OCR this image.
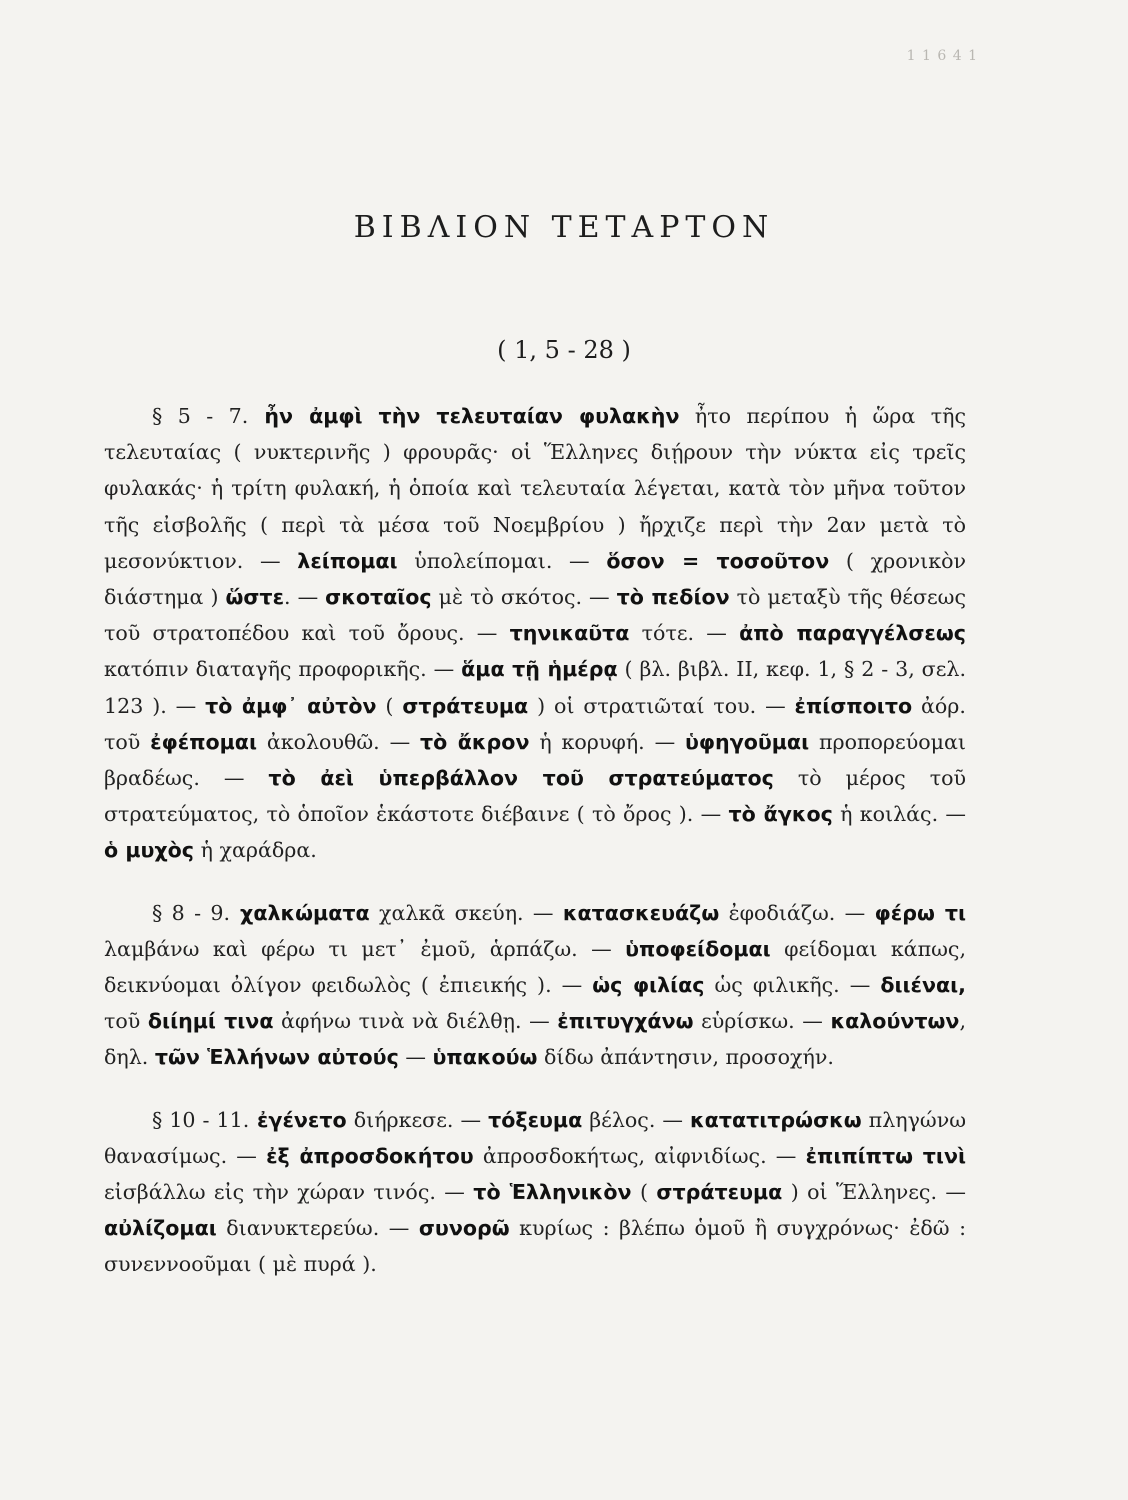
1 1 6 4 1
ΒΙΒΛΙΟΝ ΤΕΤΑΡΤΟΝ
( 1, 5 - 28 )

§ 5 - 7. ἦν ἀμφὶ τὴν τελευταίαν φυλακὴν ἦτο περίπου ἡ ὥρα τῆς τελευταίας ( νυκτερινῆς ) φρουρᾶς· οἱ Ἕλληνες διῄρουν τὴν νύκτα εἰς τρεῖς φυλακάς· ἡ τρίτη φυλακή, ἡ ὁποία καὶ τελευταία λέγεται, κατὰ τὸν μῆνα τοῦτον τῆς εἰσβολῆς ( περὶ τὰ μέσα τοῦ Νοεμβρίου ) ἤρχιζε περὶ τὴν 2αν μετὰ τὸ μεσονύκτιον. — λείπομαι ὑπολείπομαι. — ὅσον = τοσοῦτον ( χρονικὸν διάστημα ) ὥστε. — σκοταῖος μὲ τὸ σκότος. — τὸ πεδίον τὸ μεταξὺ τῆς θέσεως τοῦ στρατοπέδου καὶ τοῦ ὄρους. — τηνικαῦτα τότε. — ἀπὸ παραγγέλσεως κατόπιν διαταγῆς προφορικῆς. — ἅμα τῇ ἡμέρᾳ ( βλ. βιβλ. II, κεφ. 1, § 2 - 3, σελ. 123 ). — τὸ ἀμφ᾽ αὐτὸν ( στράτευμα ) οἱ στρατιῶταί του. — ἐπίσποιτο ἀόρ. τοῦ ἐφέπομαι ἀκολουθῶ. — τὸ ἄκρον ἡ κορυφή. — ὑφηγοῦμαι προπορεύομαι βραδέως. — τὸ ἀεὶ ὑπερβάλλον τοῦ στρατεύματος τὸ μέρος τοῦ στρατεύματος, τὸ ὁποῖον ἑκάστοτε διέβαινε ( τὸ ὄρος ). — τὸ ἄγκος ἡ κοιλάς. — ὁ μυχὸς ἡ χαράδρα.

§ 8 - 9. χαλκώματα χαλκᾶ σκεύη. — κατασκευάζω ἐφοδιάζω. — φέρω τι λαμβάνω καὶ φέρω τι μετ᾽ ἐμοῦ, ἁρπάζω. — ὑποφείδομαι φείδομαι κάπως, δεικνύομαι ὀλίγον φειδωλὸς ( ἐπιεικής ). — ὡς φιλίας ὡς φιλικῆς. — διιέναι, τοῦ διίημί τινα ἀφήνω τινὰ νὰ διέλθῃ. — ἐπιτυγχάνω εὑρίσκω. — καλούντων, δηλ. τῶν Ἑλλήνων αὐτούς — ὑπακούω δίδω ἀπάντησιν, προσοχήν.

§ 10 - 11. ἐγένετο διήρκεσε. — τόξευμα βέλος. — κατατιτρώσκω πληγώνω θανασίμως. — ἐξ ἀπροσδοκήτου ἀπροσδοκήτως, αἰφνιδίως. — ἐπιπίπτω τινὶ εἰσβάλλω εἰς τὴν χώραν τινός. — τὸ Ἑλληνικὸν ( στράτευμα ) οἱ Ἕλληνες. — αὐλίζομαι διανυκτερεύω. — συνορῶ κυρίως : βλέπω ὁμοῦ ἢ συγχρόνως· ἐδῶ : συνεννοοῦμαι ( μὲ πυρά ).
